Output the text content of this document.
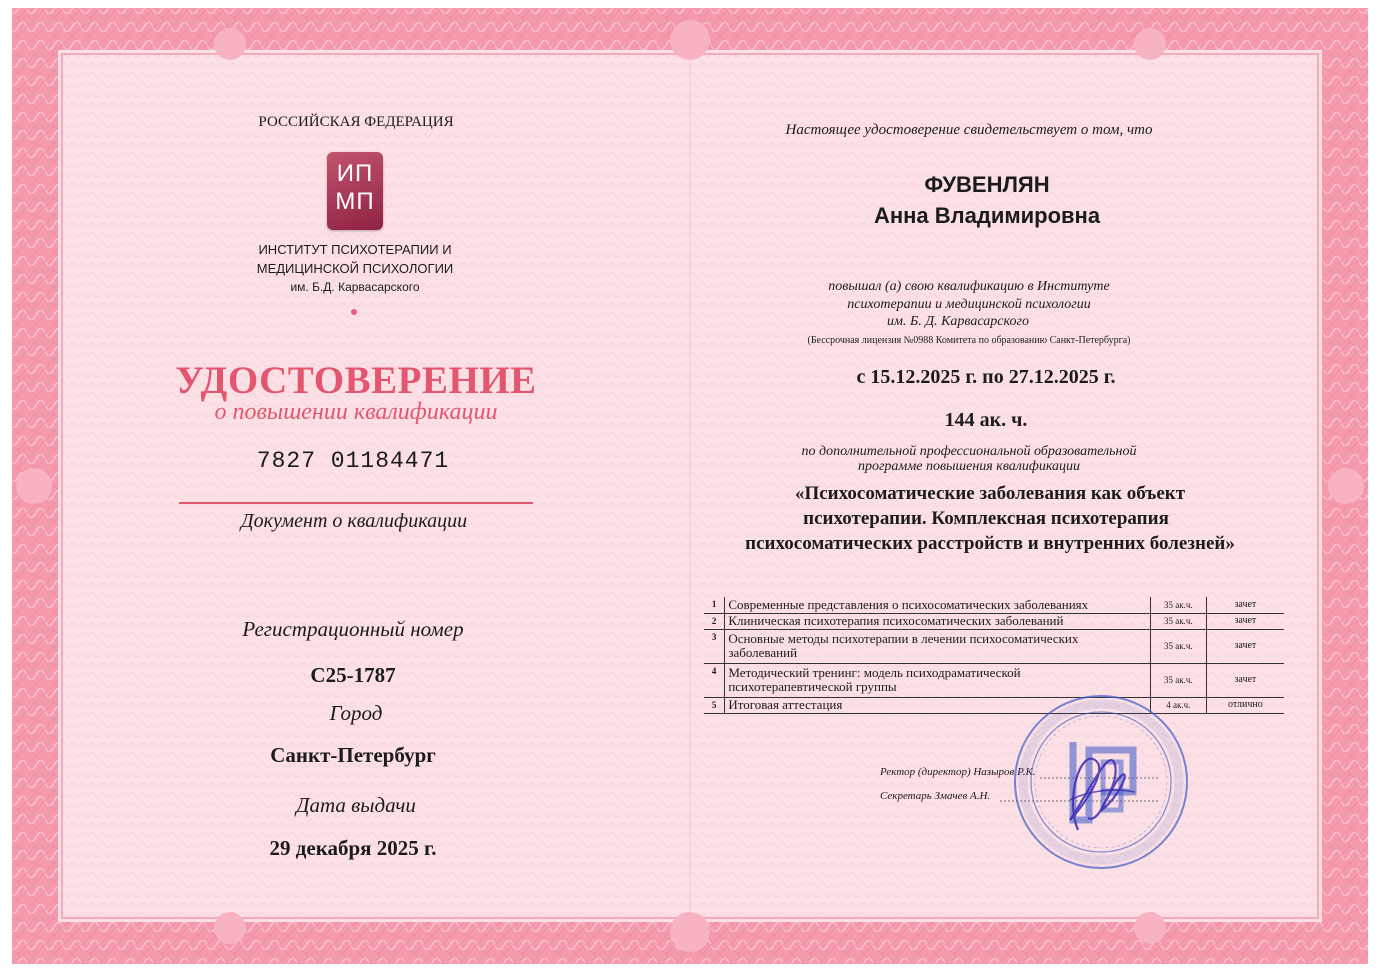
РОССИЙСКАЯ ФЕДЕРАЦИЯ
ИП
МП
ИНСТИТУТ ПСИХОТЕРАПИИ И
МЕДИЦИНСКОЙ ПСИХОЛОГИИ
им. Б.Д. Карвасарского
УДОСТОВЕРЕНИЕ
о повышении квалификации
7827 01184471
Документ о квалификации
Регистрационный номер
С25-1787
Город
Санкт-Петербург
Дата выдачи
29 декабря 2025 г.
Настоящее удостоверение свидетельствует о том, что
ФУВЕНЛЯН
Анна Владимировна
повышал (а) свою квалификацию в Институте
психотерапии и медицинской психологии
им. Б. Д. Карвасарского
(Бессрочная лицензия №0988 Комитета по образованию Санкт-Петербурга)
с 15.12.2025 г. по 27.12.2025 г.
144 ак. ч.
по дополнительной профессиональной образовательной
программе повышения квалификации
«Психосоматические заболевания как объект
психотерапии. Комплексная психотерапия
психосоматических расстройств и внутренних болезней»
1	Современные представления о психосоматических заболеваниях	35 ак.ч.	зачет
2	Клиническая психотерапия психосоматических заболеваний	35 ак.ч.	зачет
3	Основные методы психотерапии в лечении психосоматических заболеваний	35 ак.ч.	зачет
4	Методический тренинг: модель психодраматической психотерапевтической группы	35 ак.ч.	зачет
5	Итоговая аттестация	4 ак.ч.	отлично
Ректор (директор) Назыров Р.К.
Секретарь Змачев А.Н.
